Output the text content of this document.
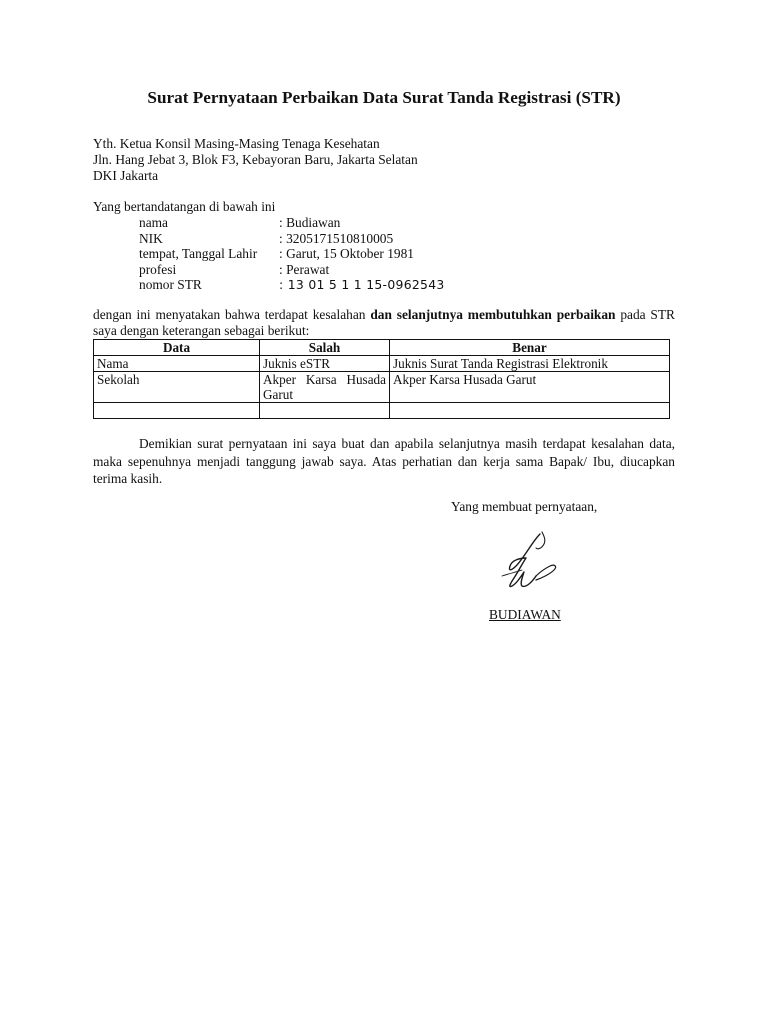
Surat Pernyataan Perbaikan Data Surat Tanda Registrasi (STR)
Yth. Ketua Konsil Masing-Masing Tenaga Kesehatan
Jln. Hang Jebat 3, Blok F3, Kebayoran Baru, Jakarta Selatan
DKI Jakarta
Yang bertandatangan di bawah ini
nama	: Budiawan
NIK	: 3205171510810005
tempat, Tanggal Lahir	: Garut, 15 Oktober 1981
profesi	: Perawat
nomor STR	: 13 01 5 1 1 15-0962543
dengan ini menyatakan bahwa terdapat kesalahan dan selanjutnya membutuhkan perbaikan pada STR saya dengan keterangan sebagai berikut:
Data	Salah	Benar
Nama	Juknis eSTR	Juknis Surat Tanda Registrasi Elektronik
Sekolah	Akper Karsa Husada Garut	Akper Karsa Husada Garut

Demikian surat pernyataan ini saya buat dan apabila selanjutnya masih terdapat kesalahan data, maka sepenuhnya menjadi tanggung jawab saya. Atas perhatian dan kerja sama Bapak/ Ibu, diucapkan terima kasih.
Yang membuat pernyataan,
BUDIAWAN
